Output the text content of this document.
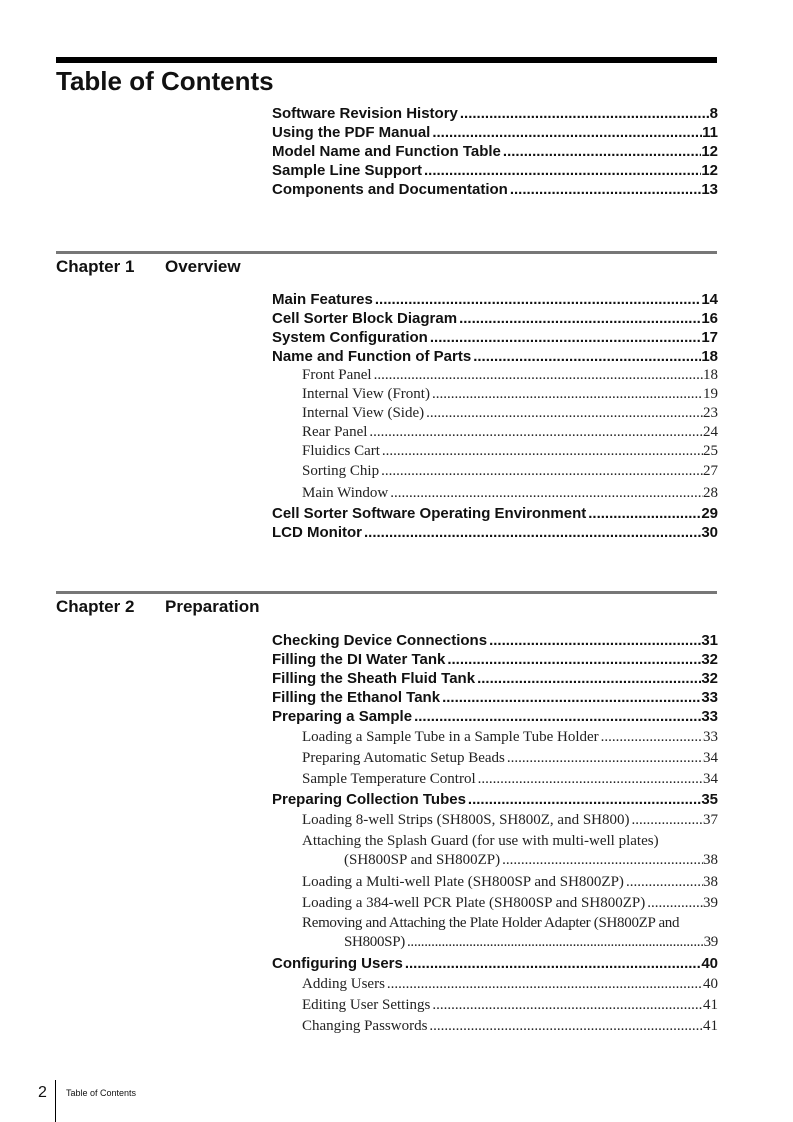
Table of Contents
Software Revision History .....	8
Using the PDF Manual .....	11
Model Name and Function Table .....	12
Sample Line Support .....	12
Components and Documentation .....	13
Chapter 1 Overview
Main Features .....	14
Cell Sorter Block Diagram .....	16
System Configuration .....	17
Name and Function of Parts .....	18
Front Panel .....	18
Internal View (Front) .....	19
Internal View (Side) .....	23
Rear Panel .....	24
Fluidics Cart .....	25
Sorting Chip .....	27
Main Window .....	28
Cell Sorter Software Operating Environment .....	29
LCD Monitor .....	30
Chapter 2 Preparation
Checking Device Connections .....	31
Filling the DI Water Tank .....	32
Filling the Sheath Fluid Tank .....	32
Filling the Ethanol Tank .....	33
Preparing a Sample .....	33
Loading a Sample Tube in a Sample Tube Holder .....	33
Preparing Automatic Setup Beads .....	34
Sample Temperature Control .....	34
Preparing Collection Tubes .....	35
Loading 8-well Strips (SH800S, SH800Z, and SH800) .....	37
Attaching the Splash Guard (for use with multi-well plates)
(SH800SP and SH800ZP) .....	38
Loading a Multi-well Plate (SH800SP and SH800ZP) .....	38
Loading a 384-well PCR Plate (SH800SP and SH800ZP) .....	39
Removing and Attaching the Plate Holder Adapter (SH800ZP and
SH800SP) .....	39
Configuring Users .....	40
Adding Users .....	40
Editing User Settings .....	41
Changing Passwords .....	41
2 Table of Contents
